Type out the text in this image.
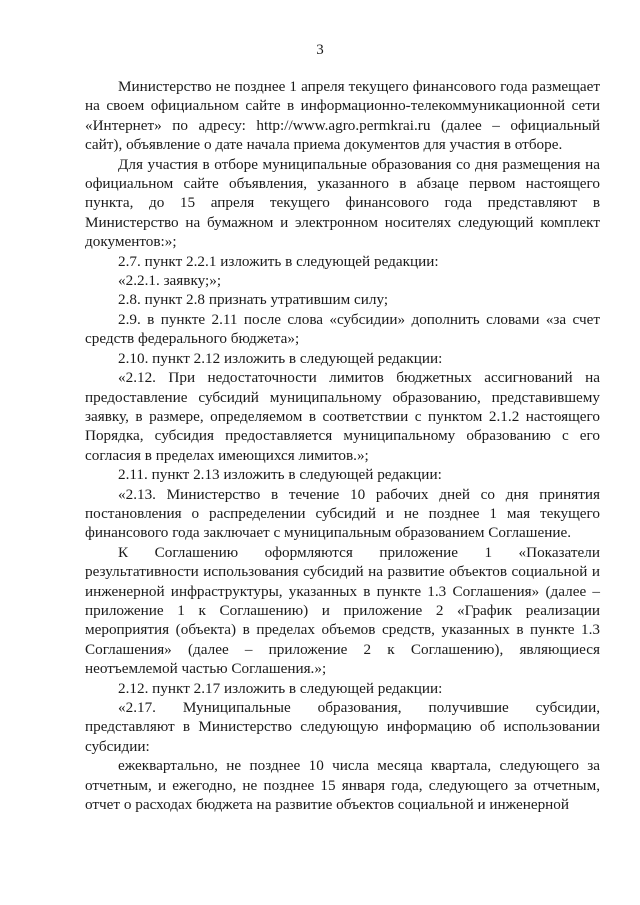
3

Министерство не позднее 1 апреля текущего финансового года размещает на своем официальном сайте в информационно-телекоммуникационной сети «Интернет» по адресу: http://www.agro.permkrai.ru (далее – официальный сайт), объявление о дате начала приема документов для участия в отборе.

Для участия в отборе муниципальные образования со дня размещения на официальном сайте объявления, указанного в абзаце первом настоящего пункта, до 15 апреля текущего финансового года представляют в Министерство на бумажном и электронном носителях следующий комплект документов:»;

2.7. пункт 2.2.1 изложить в следующей редакции:

«2.2.1. заявку;»;

2.8. пункт 2.8 признать утратившим силу;

2.9. в пункте 2.11 после слова «субсидии» дополнить словами «за счет средств федерального бюджета»;

2.10. пункт 2.12 изложить в следующей редакции:

«2.12. При недостаточности лимитов бюджетных ассигнований на предоставление субсидий муниципальному образованию, представившему заявку, в размере, определяемом в соответствии с пунктом 2.1.2 настоящего Порядка, субсидия предоставляется муниципальному образованию с его согласия в пределах имеющихся лимитов.»;

2.11. пункт 2.13 изложить в следующей редакции:

«2.13. Министерство в течение 10 рабочих дней со дня принятия постановления о распределении субсидий и не позднее 1 мая текущего финансового года заключает с муниципальным образованием Соглашение.

К Соглашению оформляются приложение 1 «Показатели результативности использования субсидий на развитие объектов социальной и инженерной инфраструктуры, указанных в пункте 1.3 Соглашения» (далее – приложение 1 к Соглашению) и приложение 2 «График реализации мероприятия (объекта) в пределах объемов средств, указанных в пункте 1.3 Соглашения» (далее – приложение 2 к Соглашению), являющиеся неотъемлемой частью Соглашения.»;

2.12. пункт 2.17 изложить в следующей редакции:

«2.17. Муниципальные образования, получившие субсидии, представляют в Министерство следующую информацию об использовании субсидии:

ежеквартально, не позднее 10 числа месяца квартала, следующего за отчетным, и ежегодно, не позднее 15 января года, следующего за отчетным, отчет о расходах бюджета на развитие объектов социальной и инженерной
